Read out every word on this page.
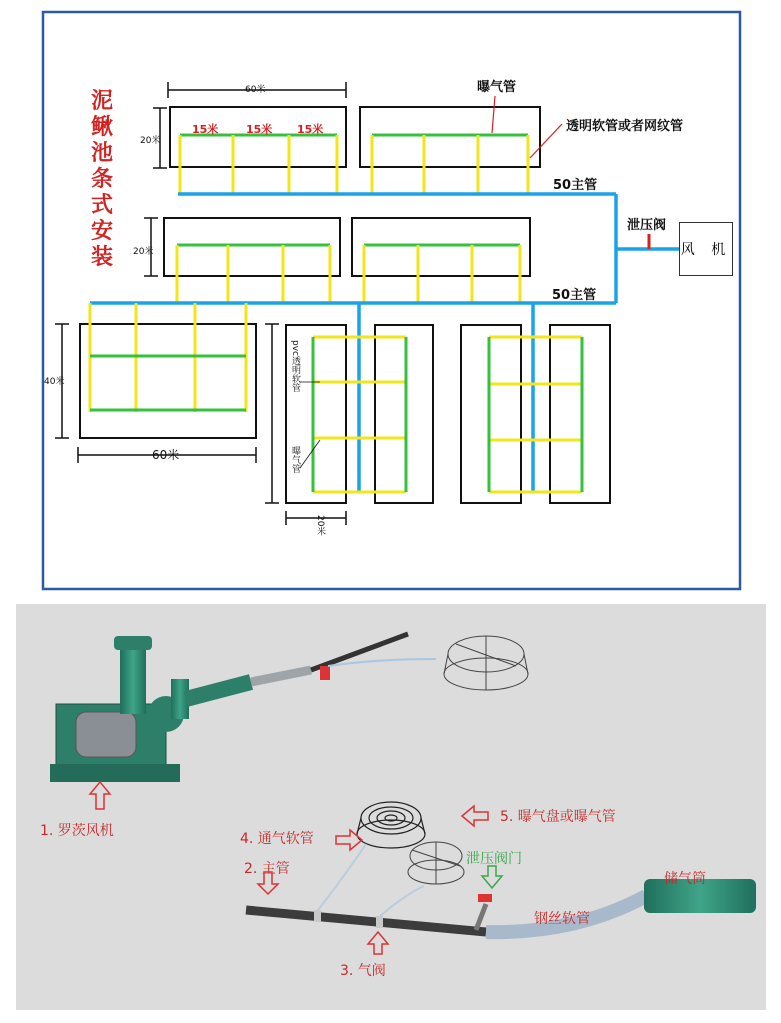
泥鳅池条式安装
曝气管
透明软管或者网纹管
50主管
50主管
泄压阀
风 机
60米
20米
20米
40米
60米
20米
15米	15米 15米
pvc透明软管
曝气管
1. 罗茨风机
2. 主管
3. 气阀
4. 通气软管
5. 曝气盘或曝气管
泄压阀门
钢丝软管
储气筒
